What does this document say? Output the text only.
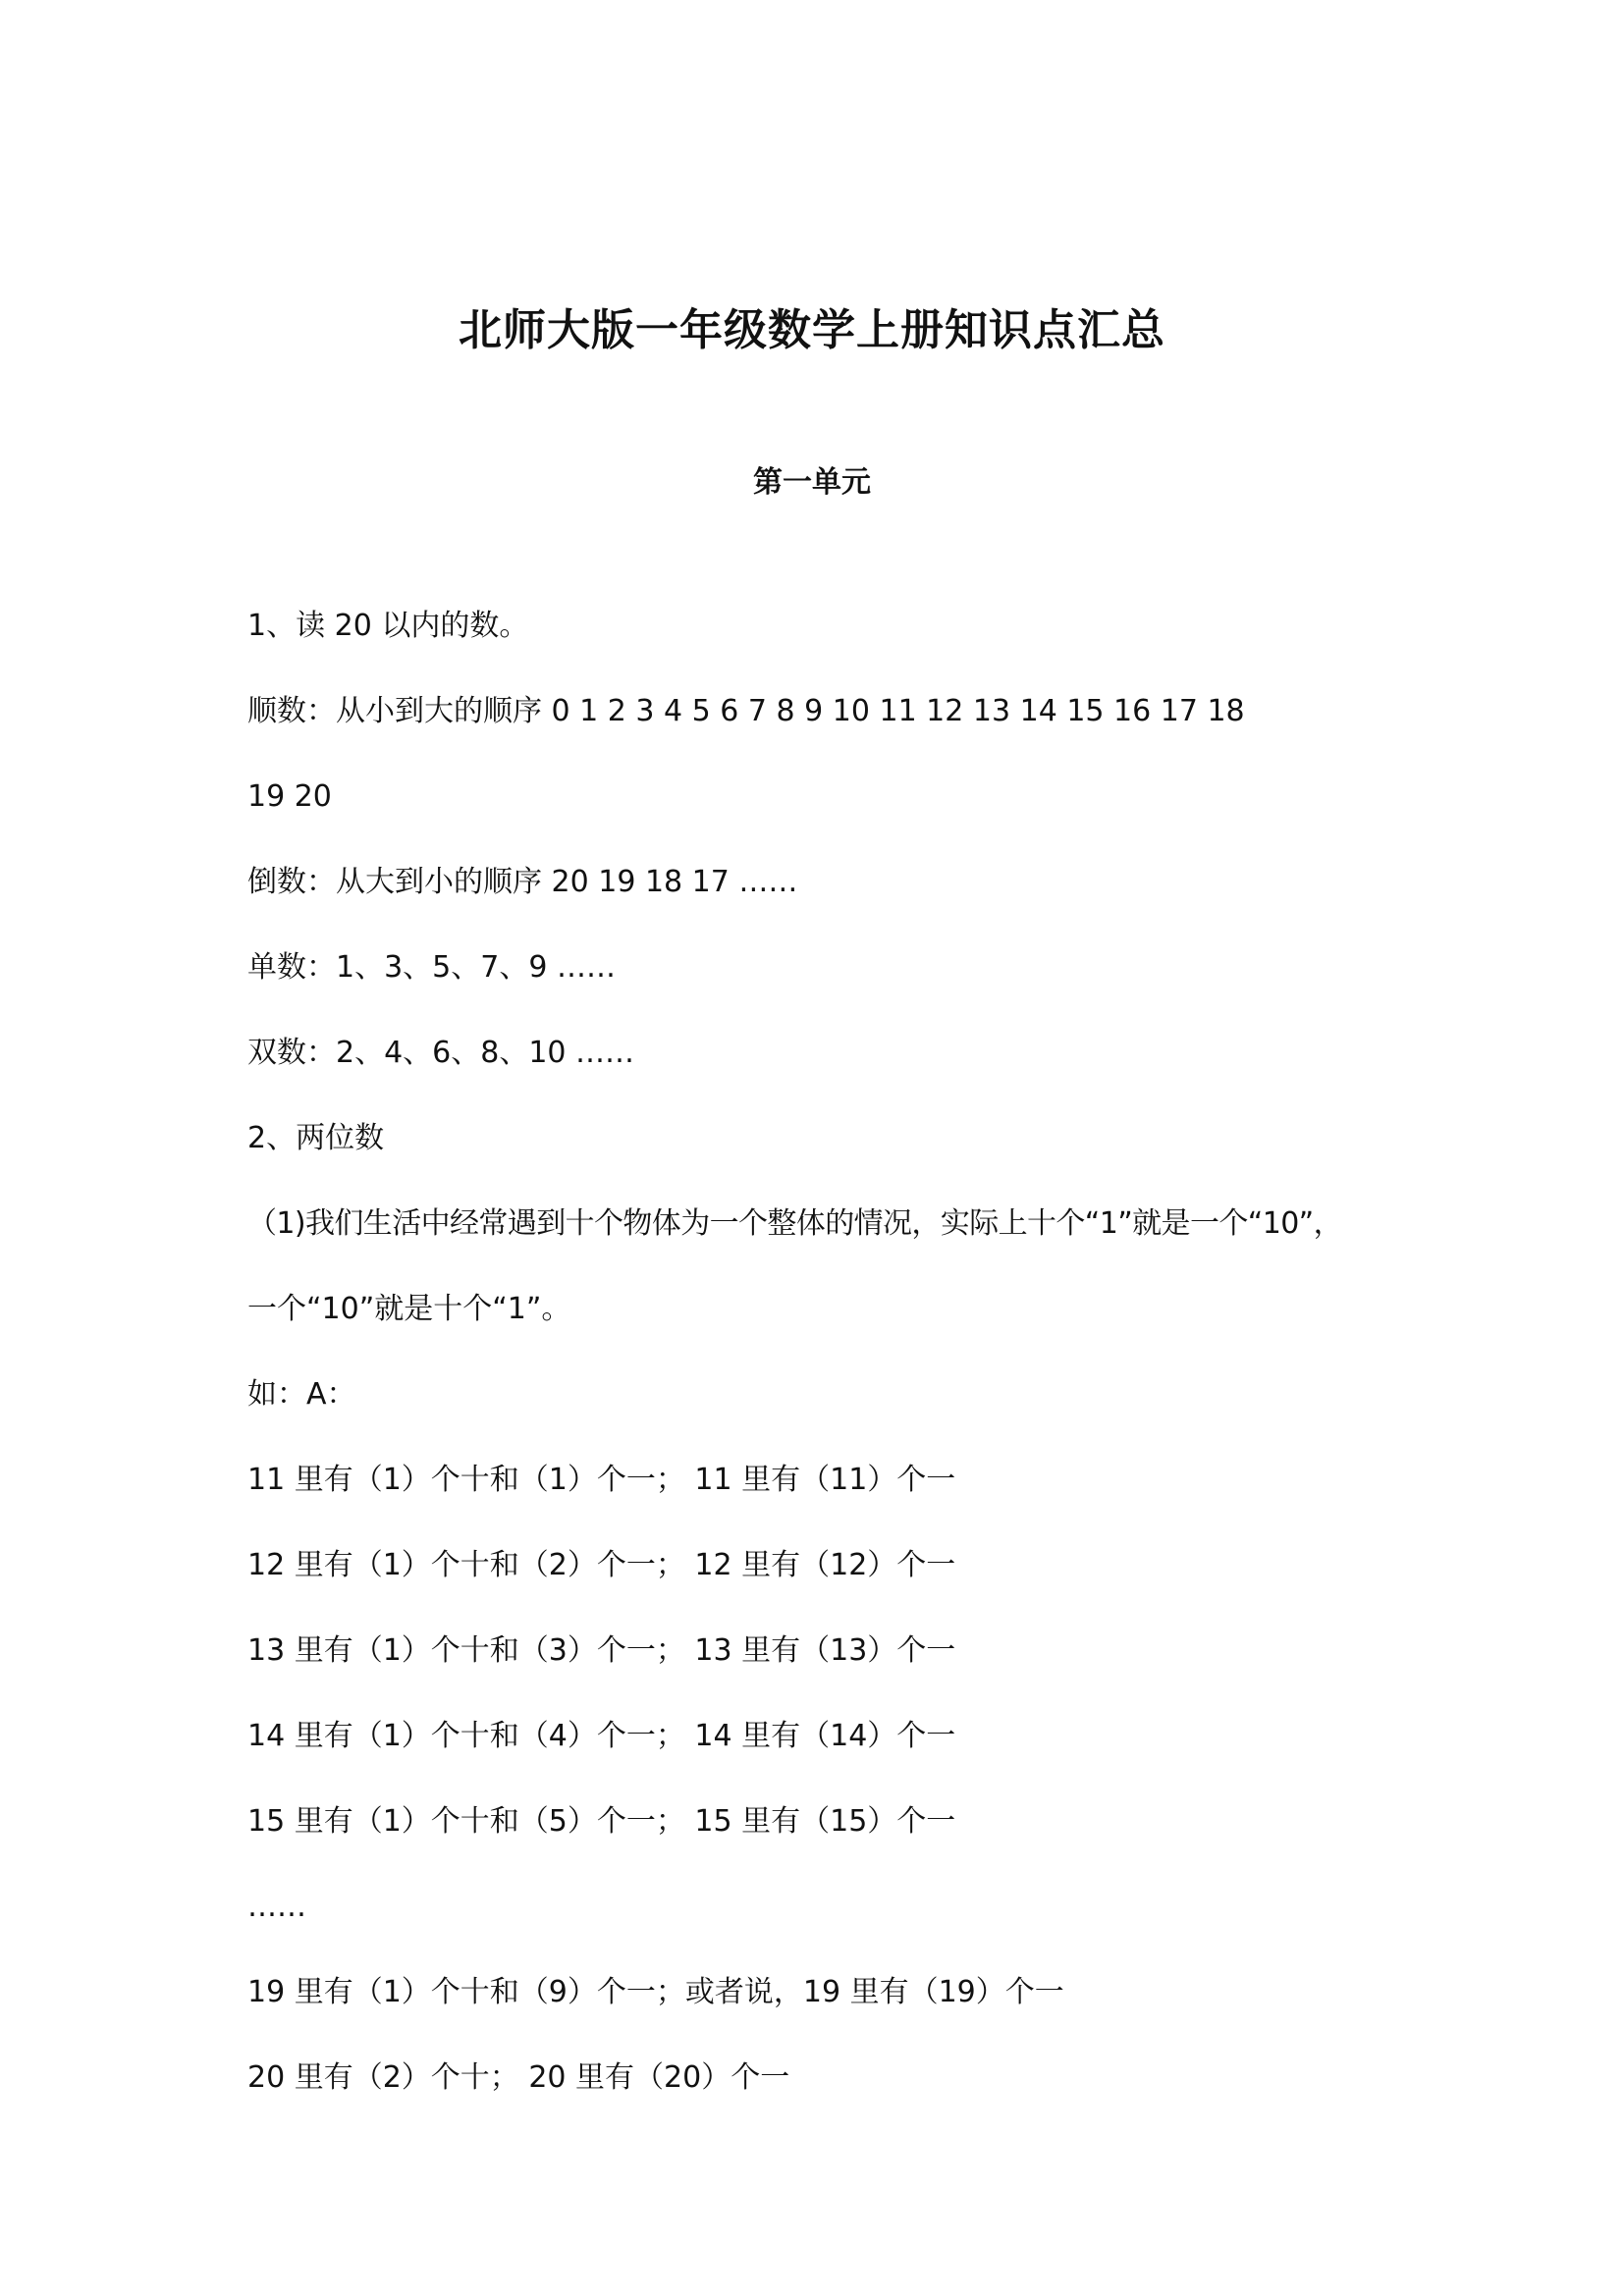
北师大版一年级数学上册知识点汇总
第一单元
1、读 20 以内的数。
顺数：从小到大的顺序 0 1 2 3 4 5 6 7 8 9 10 11 12 13 14 15 16 17 18
19 20
倒数：从大到小的顺序 20 19 18 17 ……
单数：1、3、5、7、9 ……
双数：2、4、6、8、10 ……
2、两位数
（1)我们生活中经常遇到十个物体为一个整体的情况，实际上十个“1”就是一个“10”，
一个“10”就是十个“1”。
如：A：
11 里有（1）个十和（1）个一； 11 里有（11）个一
12 里有（1）个十和（2）个一； 12 里有（12）个一
13 里有（1）个十和（3）个一； 13 里有（13）个一
14 里有（1）个十和（4）个一； 14 里有（14）个一
15 里有（1）个十和（5）个一； 15 里有（15）个一
……
19 里有（1）个十和（9）个一；或者说，19 里有（19）个一
20 里有（2）个十； 20 里有（20）个一
